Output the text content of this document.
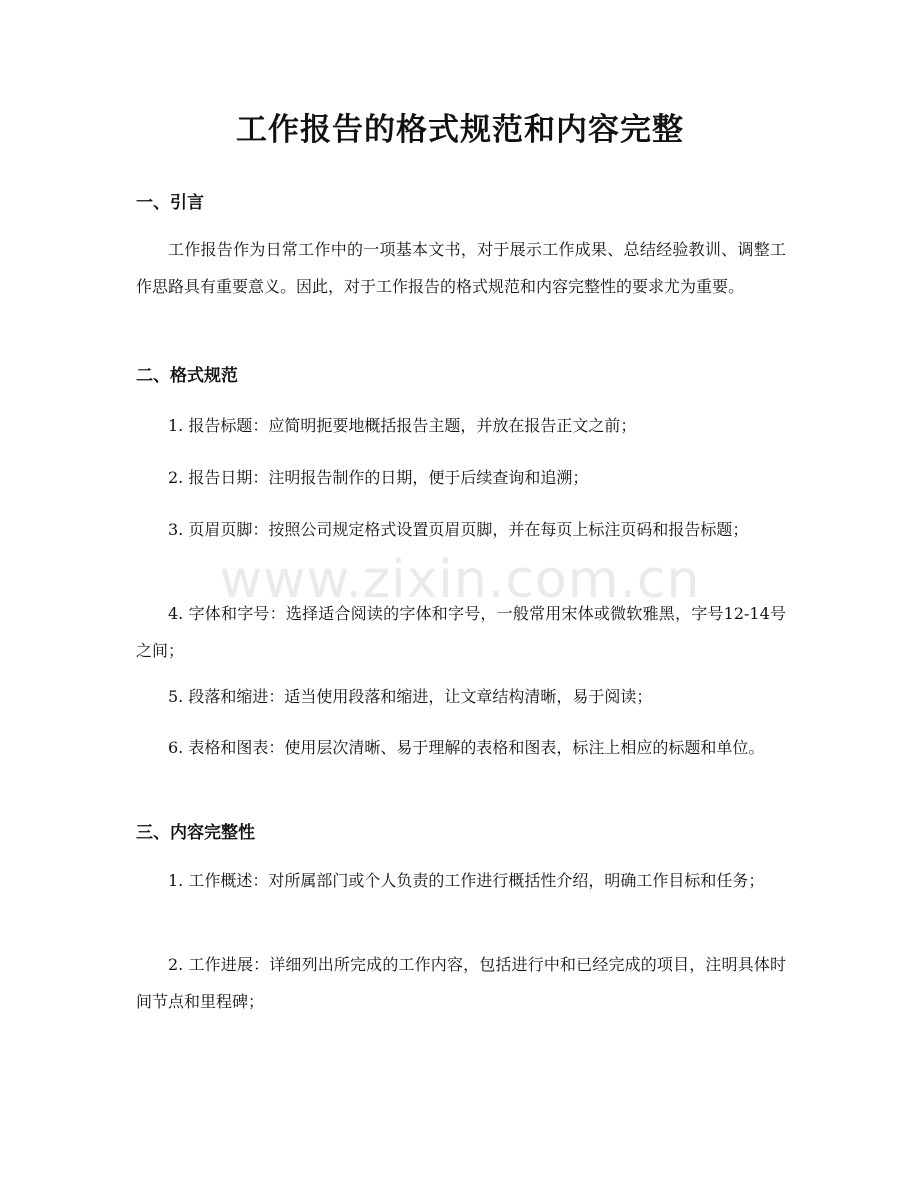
工作报告的格式规范和内容完整
一、引言

工作报告作为日常工作中的一项基本文书，对于展示工作成果、总结经验教训、调整工作思路具有重要意义。因此，对于工作报告的格式规范和内容完整性的要求尤为重要。

二、格式规范

1. 报告标题：应简明扼要地概括报告主题，并放在报告正文之前；

2. 报告日期：注明报告制作的日期，便于后续查询和追溯；

3. 页眉页脚：按照公司规定格式设置页眉页脚，并在每页上标注页码和报告标题；

4. 字体和字号：选择适合阅读的字体和字号，一般常用宋体或微软雅黑，字号12-14号之间；

5. 段落和缩进：适当使用段落和缩进，让文章结构清晰，易于阅读；

6. 表格和图表：使用层次清晰、易于理解的表格和图表，标注上相应的标题和单位。

三、内容完整性

1. 工作概述：对所属部门或个人负责的工作进行概括性介绍，明确工作目标和任务；

2. 工作进展：详细列出所完成的工作内容，包括进行中和已经完成的项目，注明具体时间节点和里程碑；

www.zixin.com.cn
